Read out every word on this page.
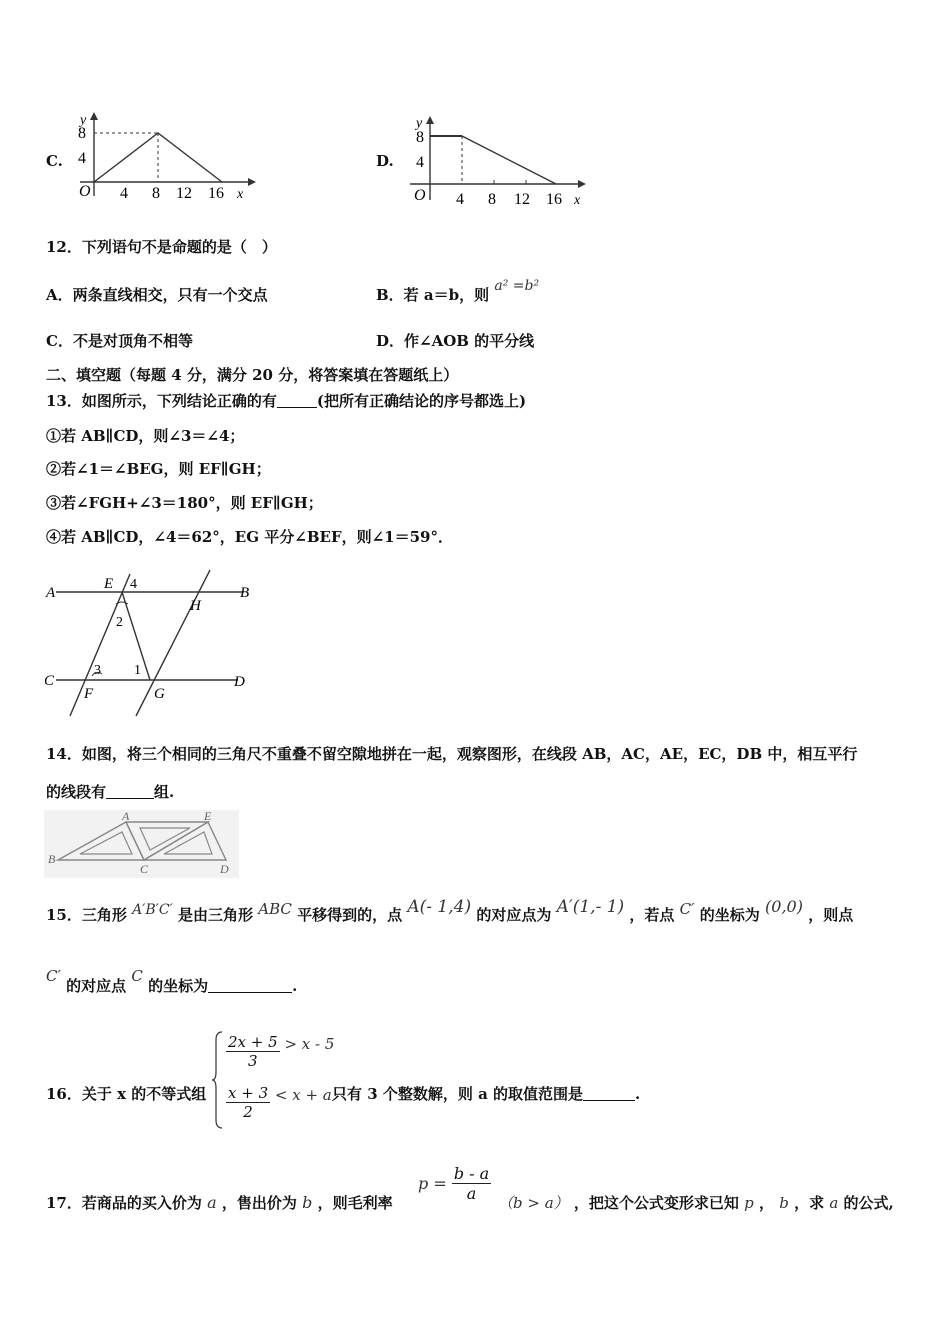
C.
y
8
4
O 4 8 12 16 x
D.
y
8
4
O 4 8 12 16 x
12．下列语句不是命题的是（　）
A．两条直线相交，只有一个交点	B．若 a＝b，则 a² =b²
C．不是对顶角不相等	D．作∠AOB 的平分线
二、填空题（每题 4 分，满分 20 分，将答案填在答题纸上）
13．如图所示，下列结论正确的有	(把所有正确结论的序号都选上)
①若 AB∥CD，则∠3＝∠4；
②若∠1＝∠BEG，则 EF∥GH；
③若∠FGH+∠3＝180°，则 EF∥GH；
④若 AB∥CD，∠4＝62°，EG 平分∠BEF，则∠1＝59°．
A	B
C	D
E
F	G
H
1
2
3
4
14．如图，将三个相同的三角尺不重叠不留空隙地拼在一起，观察图形，在线段 AB，AC，AE，EC，DB 中，相互平行
的线段有	组.
B
A	E
C	D
15．三角形 A′B′C′ 是由三角形 ABC 平移得到的，点 A(- 1,4) 的对应点为 A′(1,- 1) ，若点 C′ 的坐标为 (0,0) ，则点
C′ 的对应点 C 的坐标为	.
16．关于 x 的不等式组
$\frac{2x + 5}{3} > x - 5$
$\frac{x + 3}{2} < x + a$ 只有 3 个整数解，则 a 的取值范围是	.
17．若商品的买入价为 a ，售出价为 b ，则毛利率
$p = \frac{b - a}{a} (b > a)$ ，把这个公式变形求已知 p ， b ，求 a 的公式,
